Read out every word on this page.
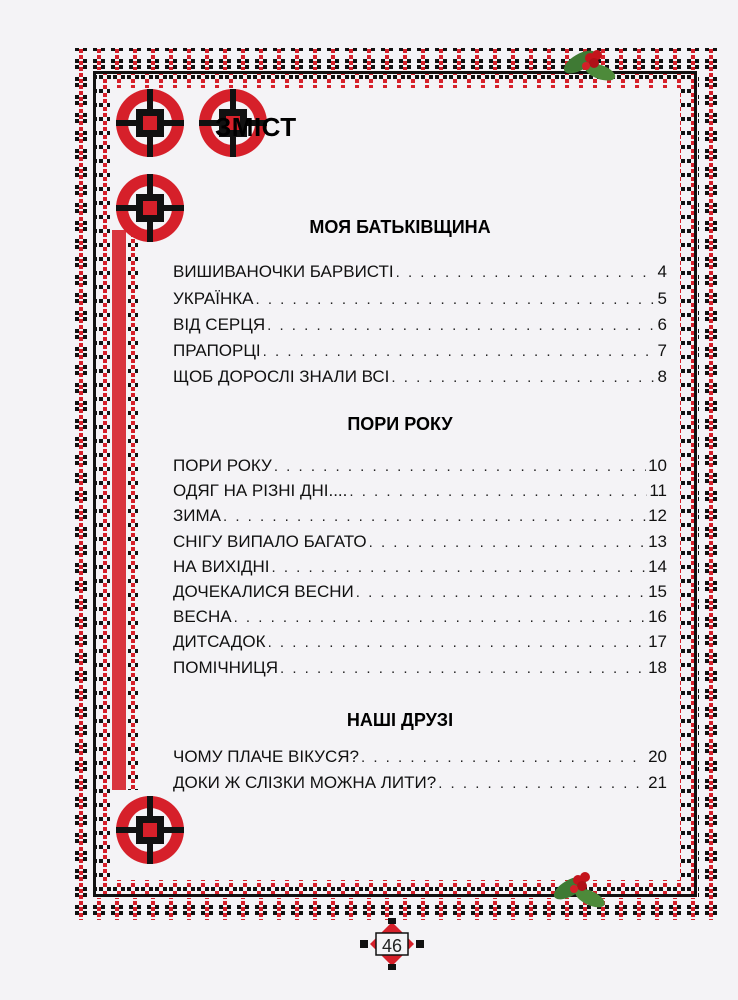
ЗМІСТ
МОЯ БАТЬКІВЩИНА
ВИШИВАНОЧКИ БАРВИСТІ . . .	4
УКРАЇНКА . . .	5
ВІД СЕРЦЯ . . .	6
ПРАПОРЦІ . . .	7
ЩОБ ДОРОСЛІ ЗНАЛИ ВСІ . . .	8
ПОРИ РОКУ
ПОРИ РОКУ . . .	10
ОДЯГ НА РІЗНІ ДНІ.... . . .	11
ЗИМА . . .	12
СНІГУ ВИПАЛО БАГАТО . . .	13
НА ВИХІДНІ . . .	14
ДОЧЕКАЛИСЯ ВЕСНИ . . .	15
ВЕСНА . . .	16
ДИТСАДОК . . .	17
ПОМІЧНИЦЯ . . .	18
НАШІ ДРУЗІ
ЧОМУ ПЛАЧЕ ВІКУСЯ? . . .	20
ДОКИ Ж СЛІЗКИ МОЖНА ЛИТИ? . . .	21
46
